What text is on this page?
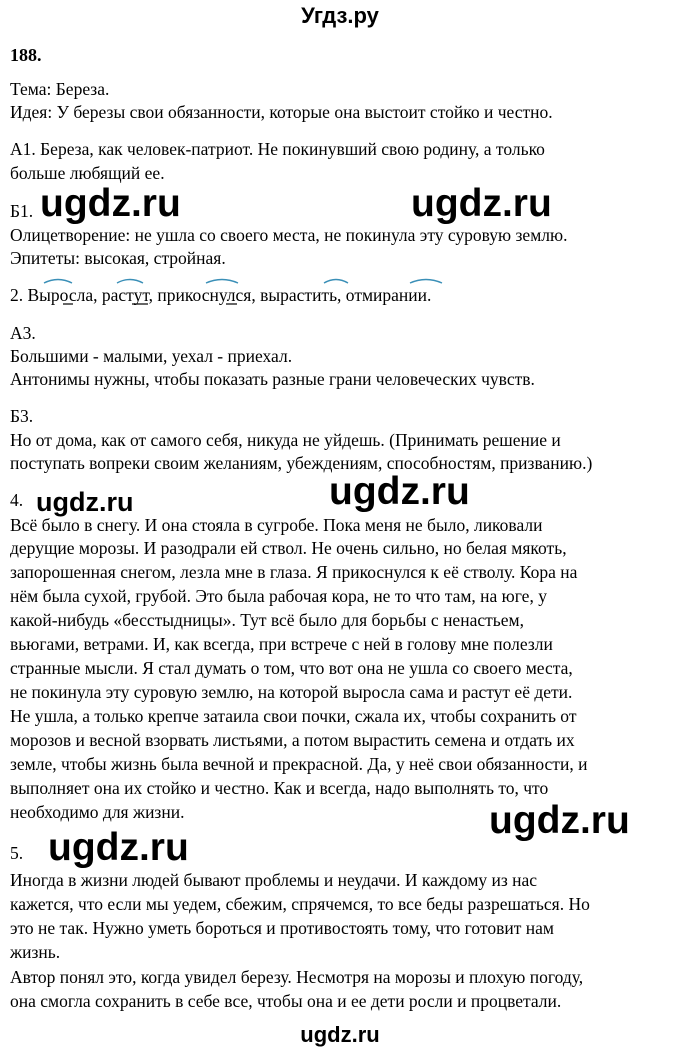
Угдз.ру
188.
Тема: Береза.
Идея: У березы свои обязанности, которые она выстоит стойко и честно.
А1. Береза, как человек-патриот. Не покинувший свою родину, а только
больше любящий ее.
Б1.
Олицетворение: не ушла со своего места, не покинула эту суровую землю.
Эпитеты: высокая, стройная.
2. Выросла, растут, прикоснулся, вырастить, отмирании.
А3.
Большими - малыми, уехал - приехал.
Антонимы нужны, чтобы показать разные грани человеческих чувств.
Б3.
Но от дома, как от самого себя, никуда не уйдешь. (Принимать решение и
поступать вопреки своим желаниям, убеждениям, способностям, призванию.)
4.
Всё было в снегу. И она стояла в сугробе. Пока меня не было, ликовали
дерущие морозы. И разодрали ей ствол. Не очень сильно, но белая мякоть,
запорошенная снегом, лезла мне в глаза. Я прикоснулся к её стволу. Кора на
нём была сухой, грубой. Это была рабочая кора, не то что там, на юге, у
какой-нибудь «бесстыдницы». Тут всё было для борьбы с ненастьем,
вьюгами, ветрами. И, как всегда, при встрече с ней в голову мне полезли
странные мысли. Я стал думать о том, что вот она не ушла со своего места,
не покинула эту суровую землю, на которой выросла сама и растут её дети.
Не ушла, а только крепче затаила свои почки, сжала их, чтобы сохранить от
морозов и весной взорвать листьями, а потом вырастить семена и отдать их
земле, чтобы жизнь была вечной и прекрасной. Да, у неё свои обязанности, и
выполняет она их стойко и честно. Как и всегда, надо выполнять то, что
необходимо для жизни.
5.
Иногда в жизни людей бывают проблемы и неудачи. И каждому из нас
кажется, что если мы уедем, сбежим, спрячемся, то все беды разрешаться. Но
это не так. Нужно уметь бороться и противостоять тому, что готовит нам
жизнь.
Автор понял это, когда увидел березу. Несмотря на морозы и плохую погоду,
она смогла сохранить в себе все, чтобы она и ее дети росли и процветали.
ugdz.ru	ugdz.ru
ugdz.ru	ugdz.ru
ugdz.ru
ugdz.ru
ugdz.ru
